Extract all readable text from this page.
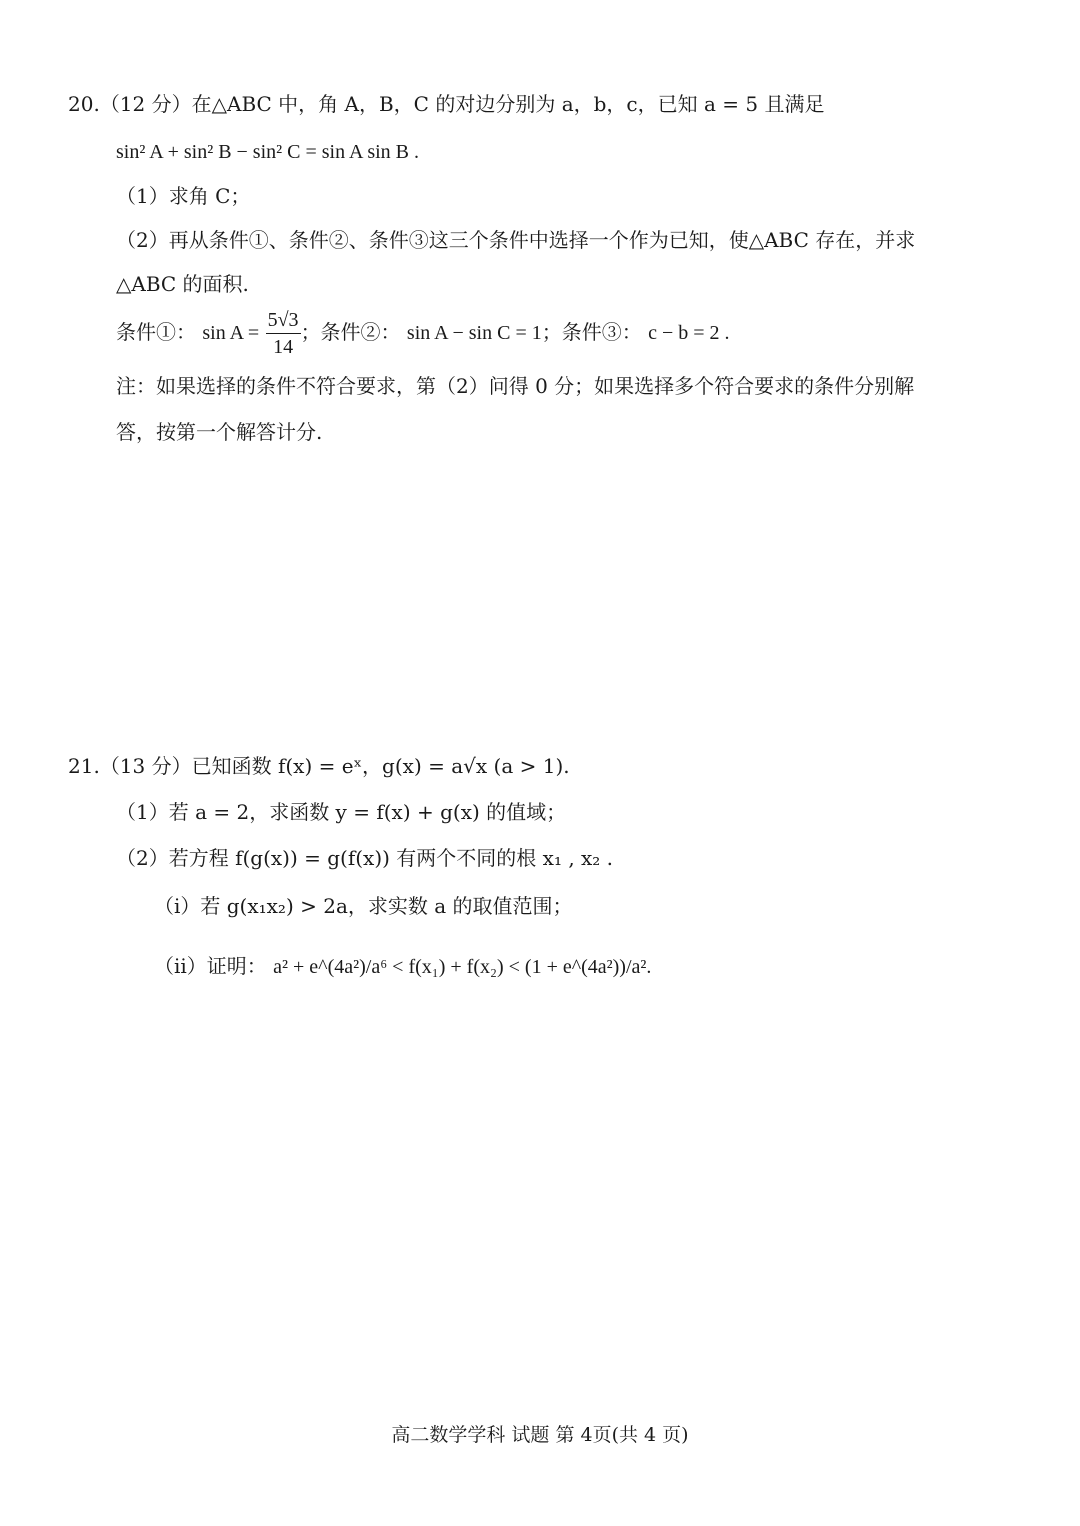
20.（12 分）在△ABC 中，角 A，B，C 的对边分别为 a，b，c，已知 a = 5 且满足
sin² A + sin² B − sin² C = sin A sin B .
（1）求角 C；
（2）再从条件①、条件②、条件③这三个条件中选择一个作为已知，使△ABC 存在，并求
△ABC 的面积.
条件①： $\sin A = \frac{5√3}{14}$ ；条件②： sin A − sin C = 1；条件③： c − b = 2 .
注：如果选择的条件不符合要求，第（2）问得 0 分；如果选择多个符合要求的条件分别解
答，按第一个解答计分.
21.（13 分）已知函数 f(x) = eˣ，g(x) = a√x (a > 1).
（1）若 a = 2，求函数 y = f(x) + g(x) 的值域；
（2）若方程 f(g(x)) = g(f(x)) 有两个不同的根 x₁ , x₂ .
（i）若 g(x₁x₂) > 2a，求实数 a 的取值范围；
（ii）证明： a² + e^(4a²)/a⁶ < f(x₁) + f(x₂) < (1 + e^(4a²))/a².
高二数学学科 试题 第 4页(共 4 页)
